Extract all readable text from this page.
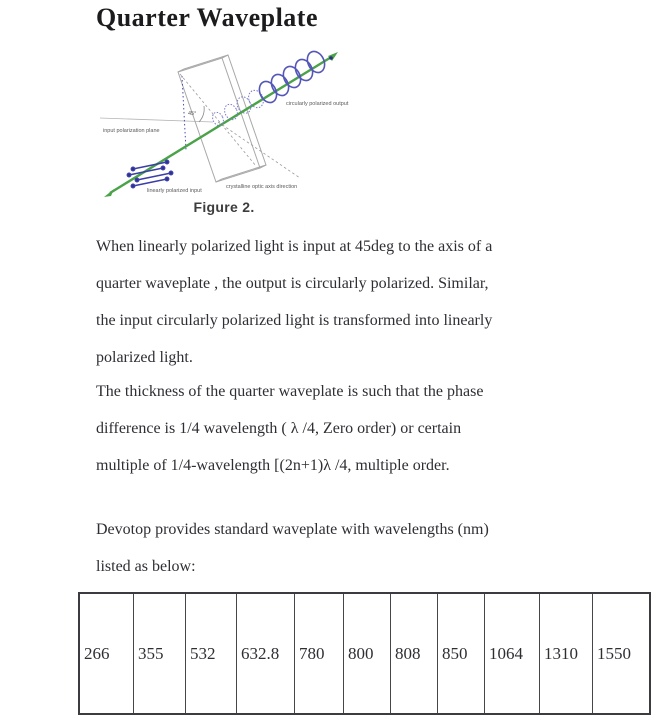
Quarter Waveplate
45°
input polarization plane
linearly polarized input
crystalline optic axis direction
circularly polarized output
Figure 2.
When linearly polarized light is input at 45deg to the axis of a
quarter waveplate , the output is circularly polarized. Similar,
the input circularly polarized light is transformed into linearly
polarized light.
The thickness of the quarter waveplate is such that the phase
difference is 1/4 wavelength ( λ /4, Zero order) or certain
multiple of 1/4-wavelength [(2n+1)λ /4, multiple order.
Devotop provides standard waveplate with wavelengths (nm)
listed as below:
266	355	532	632.8	780	800	808	850	1064	1310	1550
